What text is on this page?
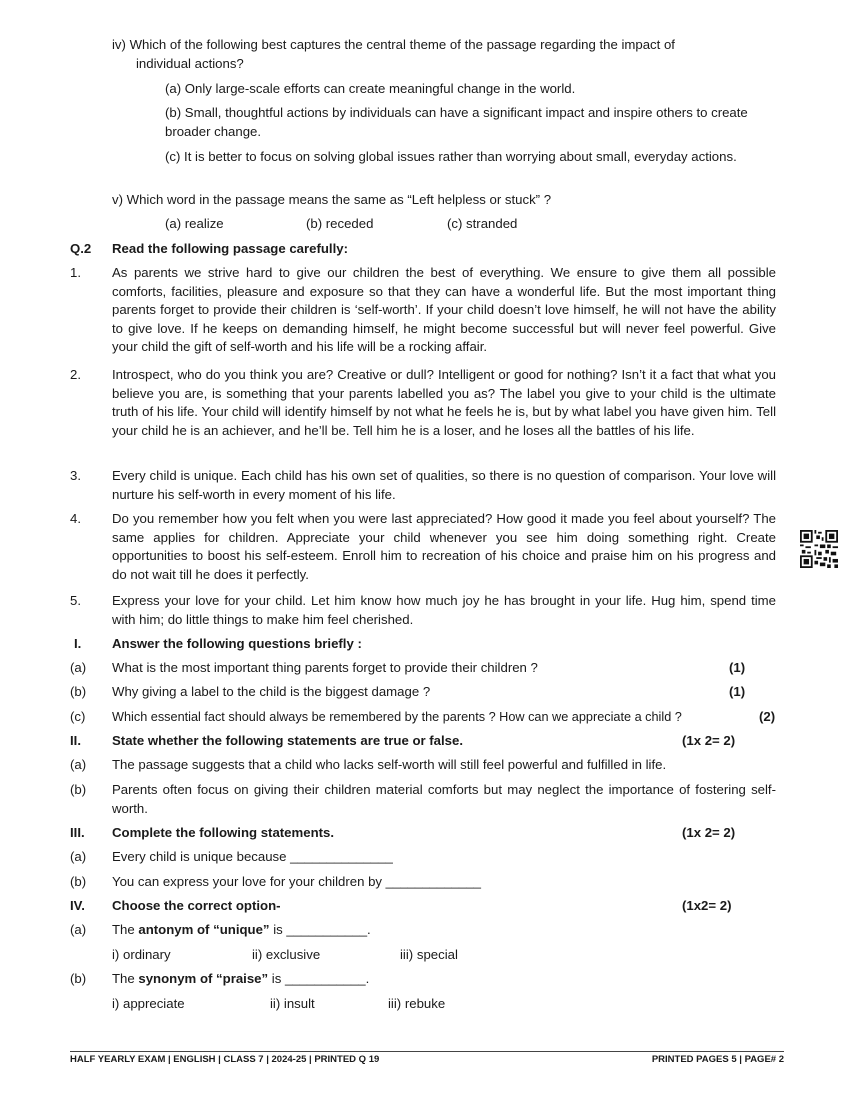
iv) Which of the following best captures the central theme of the passage regarding the impact of
individual actions?
(a) Only large-scale efforts can create meaningful change in the world.
(b) Small, thoughtful actions by individuals can have a significant impact and inspire others to create broader change.
(c) It is better to focus on solving global issues rather than worrying about small, everyday actions.
v) Which word in the passage means the same as “Left helpless or stuck” ?
(a) realize	(b) receded	(c) stranded
Q.2 Read the following passage carefully:
1. As parents we strive hard to give our children the best of everything. We ensure to give them all possible comforts, facilities, pleasure and exposure so that they can have a wonderful life. But the most important thing parents forget to provide their children is ‘self-worth’. If your child doesn’t love himself, he will not have the ability to give love. If he keeps on demanding himself, he might become successful but will never feel powerful. Give your child the gift of self-worth and his life will be a rocking affair.
2. Introspect, who do you think you are? Creative or dull? Intelligent or good for nothing? Isn’t it a fact that what you believe you are, is something that your parents labelled you as? The label you give to your child is the ultimate truth of his life. Your child will identify himself by not what he feels he is, but by what label you have given him. Tell your child he is an achiever, and he’ll be. Tell him he is a loser, and he loses all the battles of his life.
3. Every child is unique. Each child has his own set of qualities, so there is no question of comparison. Your love will nurture his self-worth in every moment of his life.
4. Do you remember how you felt when you were last appreciated? How good it made you feel about yourself? The same applies for children. Appreciate your child whenever you see him doing something right. Create opportunities to boost his self-esteem. Enroll him to recreation of his choice and praise him on his progress and do not wait till he does it perfectly.
5. Express your love for your child. Let him know how much joy he has brought in your life. Hug him, spend time with him; do little things to make him feel cherished.
I. Answer the following questions briefly :
(a) What is the most important thing parents forget to provide their children ?	(1)
(b) Why giving a label to the child is the biggest damage ?	(1)
(c) Which essential fact should always be remembered by the parents ? How can we appreciate a child ?	(2)
II. State whether the following statements are true or false.	(1x 2= 2)
(a) The passage suggests that a child who lacks self-worth will still feel powerful and fulfilled in life.
(b) Parents often focus on giving their children material comforts but may neglect the importance of fostering self-worth.
III. Complete the following statements.	(1x 2= 2)
(a) Every child is unique because ______________
(b) You can express your love for your children by _____________
IV. Choose the correct option-	(1x2= 2)
(a) The antonym of “unique” is ___________.
i) ordinary	ii) exclusive	iii) special
(b) The synonym of “praise” is ___________.
i) appreciate	ii) insult	iii) rebuke
HALF YEARLY EXAM | ENGLISH | CLASS 7 | 2024-25 | PRINTED Q 19	PRINTED PAGES 5 | PAGE# 2
